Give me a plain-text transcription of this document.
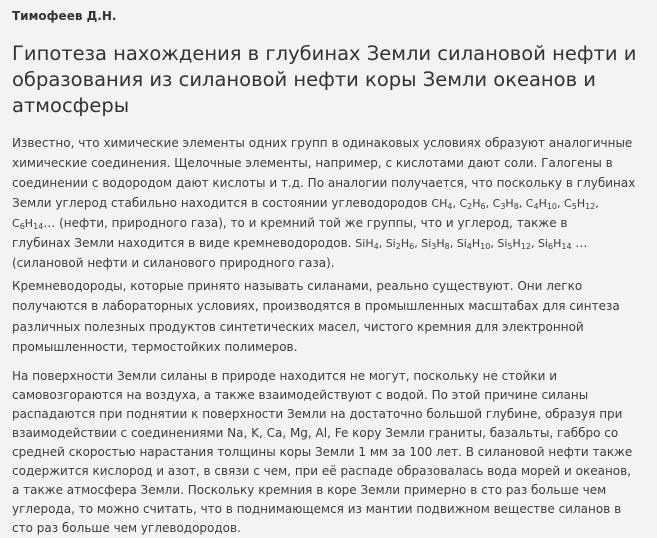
Тимофеев Д.Н.
Гипотеза нахождения в глубинах Земли силановой нефти и
образования из силановой нефти коры Земли океанов и
атмосферы
Известно, что химические элементы одних групп в одинаковых условиях образуют аналогичные
химические соединения. Щелочные элементы, например, с кислотами дают соли. Галогены в
соединении с водородом дают кислоты и т.д. По аналогии получается, что поскольку в глубинах
Земли углерод стабильно находится в состоянии углеводородов $CH_4$, $C_2H_6$, $C_3H_8$, $C_4H_{10}$, $C_5H_{12}$,
$C_6H_{14}\dots$ (нефти, природного газа), то и кремний той же группы, что и углерод, также в
глубинах Земли находится в виде кремневодородов. SiH$_4$, $Si_2H_6$, $Si_3H_8$, $Si_4H_{10}$, $Si_5H_{12}$, $Si_6H_{14}$ …
(силановой нефти и силанового природного газа).
Кремневодороды, которые принято называть силанами, реально существуют. Они легко
получаются в лабораторных условиях, производятся в промышленных масштабах для синтеза
различных полезных продуктов синтетических масел, чистого кремния для электронной
промышленности, термостойких полимеров.
На поверхности Земли силаны в природе находится не могут, поскольку не стойки и
самовозгораются на воздуха, а также взаимодействуют с водой. По этой причине силаны
распадаются при поднятии к поверхности Земли на достаточно большой глубине, образуя при
взаимодействии с соединениями Na, K, Ca, Mg, Al, Fe кору Земли граниты, базальты, габбро со
средней скоростью нарастания толщины коры Земли 1 мм за 100 лет. В силановой нефти также
содержится кислород и азот, в связи с чем, при её распаде образовалась вода морей и океанов,
а также атмосфера Земли. Поскольку кремния в коре Земли примерно в сто раз больше чем
углерода, то можно считать, что в поднимающемся из мантии подвижном веществе силанов в
сто раз больше чем углеводородов.
